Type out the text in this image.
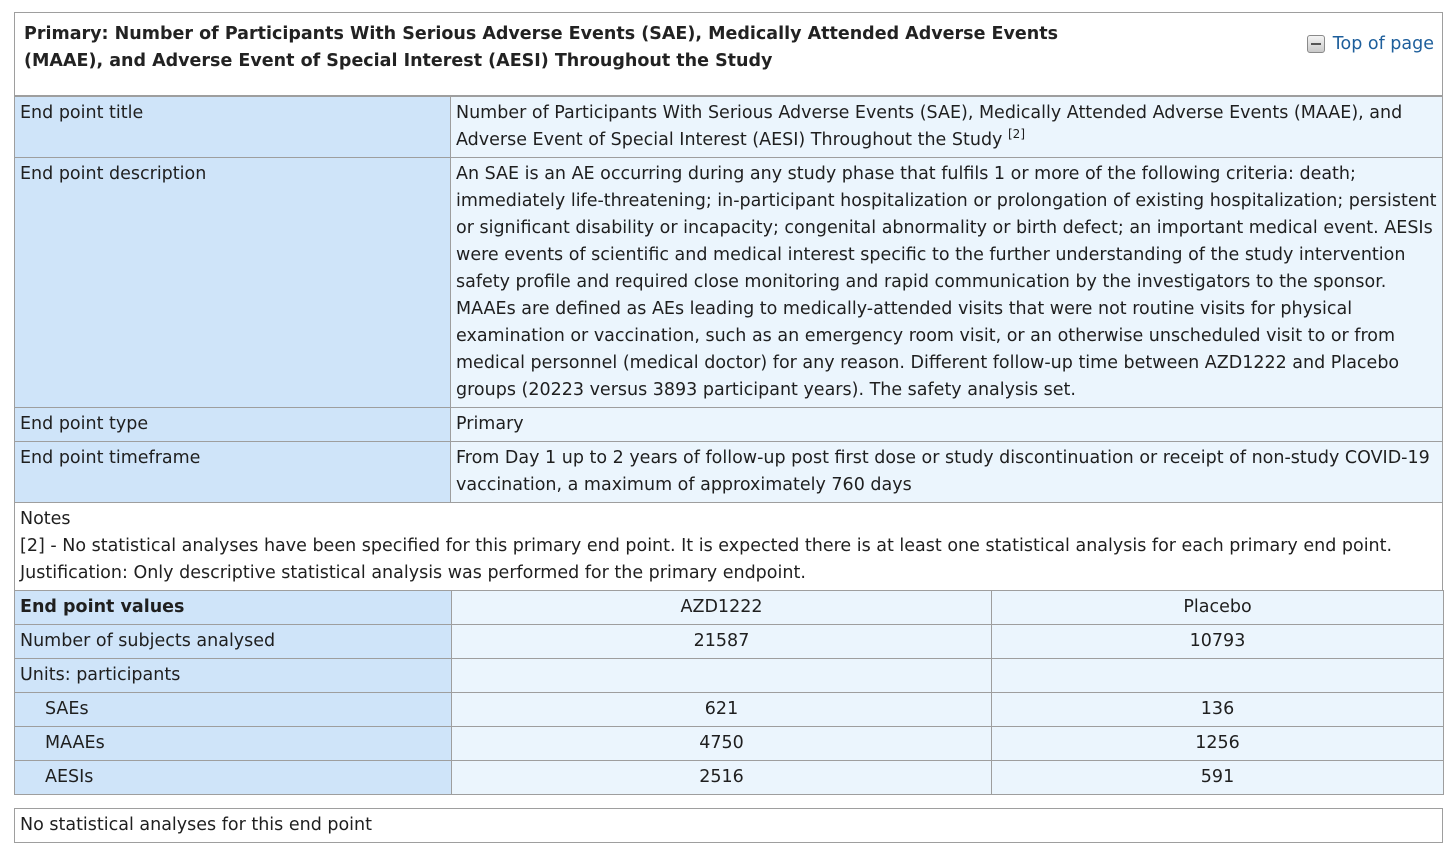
Primary: Number of Participants With Serious Adverse Events (SAE), Medically Attended Adverse Events (MAAE), and Adverse Event of Special Interest (AESI) Throughout the Study
Top of page
End point title	Number of Participants With Serious Adverse Events (SAE), Medically Attended Adverse Events (MAAE), and Adverse Event of Special Interest (AESI) Throughout the Study [2]
End point description	An SAE is an AE occurring during any study phase that fulfils 1 or more of the following criteria: death; immediately life-threatening; in-participant hospitalization or prolongation of existing hospitalization; persistent or significant disability or incapacity; congenital abnormality or birth defect; an important medical event. AESIs were events of scientific and medical interest specific to the further understanding of the study intervention safety profile and required close monitoring and rapid communication by the investigators to the sponsor. MAAEs are defined as AEs leading to medically-attended visits that were not routine visits for physical examination or vaccination, such as an emergency room visit, or an otherwise unscheduled visit to or from medical personnel (medical doctor) for any reason. Different follow-up time between AZD1222 and Placebo groups (20223 versus 3893 participant years). The safety analysis set.
End point type	Primary
End point timeframe	From Day 1 up to 2 years of follow-up post first dose or study discontinuation or receipt of non-study COVID-19 vaccination, a maximum of approximately 760 days

Notes
[2] - No statistical analyses have been specified for this primary end point. It is expected there is at least one statistical analysis for each primary end point.
Justification: Only descriptive statistical analysis was performed for the primary endpoint.	
End point values	AZD1222	Placebo
Number of subjects analysed	21587	10793
Units: participants		
SAEs	621	136
MAAEs	4750	1256
AESIs	2516	591
No statistical analyses for this end point
